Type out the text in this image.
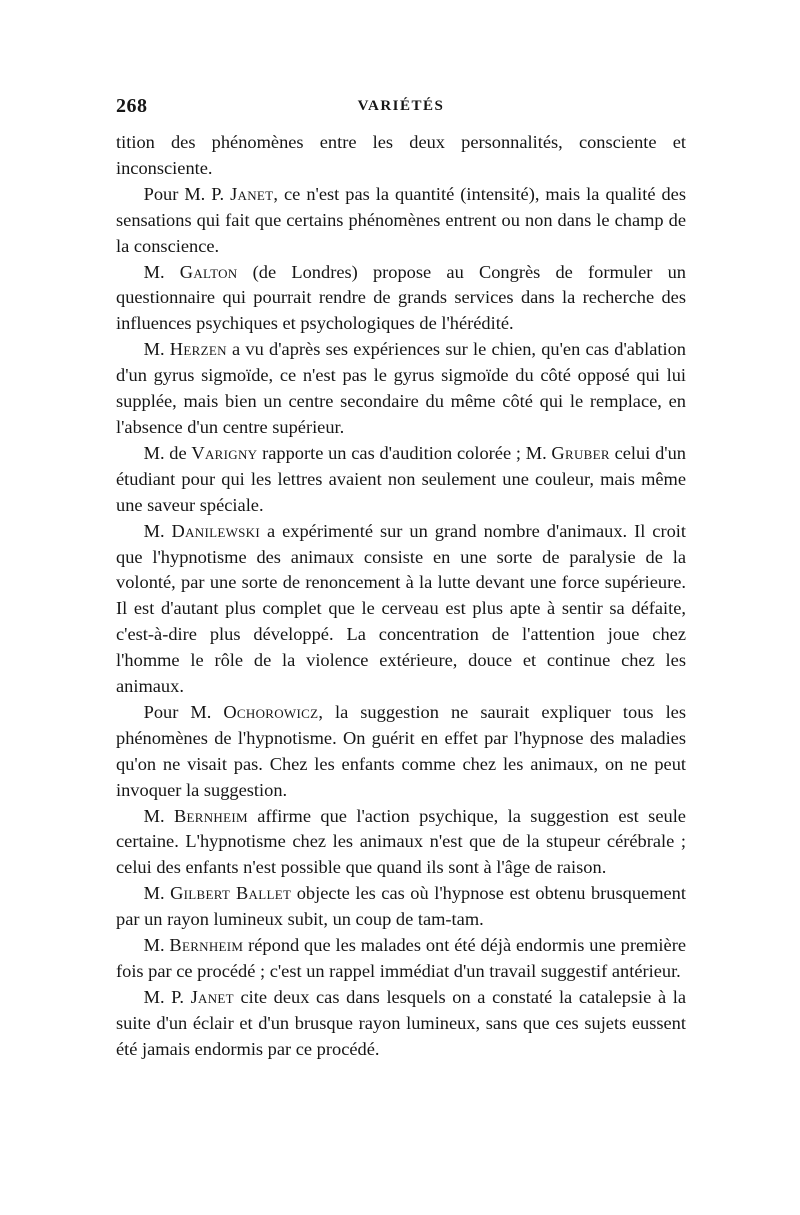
268	VARIÉTÉS

tition des phénomènes entre les deux personnalités, consciente et inconsciente.

Pour M. P. Janet, ce n'est pas la quantité (intensité), mais la qualité des sensations qui fait que certains phénomènes entrent ou non dans le champ de la conscience.

M. Galton (de Londres) propose au Congrès de formuler un questionnaire qui pourrait rendre de grands services dans la recherche des influences psychiques et psychologiques de l'hérédité.

M. Herzen a vu d'après ses expériences sur le chien, qu'en cas d'ablation d'un gyrus sigmoïde, ce n'est pas le gyrus sigmoïde du côté opposé qui lui supplée, mais bien un centre secondaire du même côté qui le remplace, en l'absence d'un centre supérieur.

M. de Varigny rapporte un cas d'audition colorée ; M. Gruber celui d'un étudiant pour qui les lettres avaient non seulement une couleur, mais même une saveur spéciale.

M. Danilewski a expérimenté sur un grand nombre d'animaux. Il croit que l'hypnotisme des animaux consiste en une sorte de paralysie de la volonté, par une sorte de renoncement à la lutte devant une force supérieure. Il est d'autant plus complet que le cerveau est plus apte à sentir sa défaite, c'est-à-dire plus développé. La concentration de l'attention joue chez l'homme le rôle de la violence extérieure, douce et continue chez les animaux.

Pour M. Ochorowicz, la suggestion ne saurait expliquer tous les phénomènes de l'hypnotisme. On guérit en effet par l'hypnose des maladies qu'on ne visait pas. Chez les enfants comme chez les animaux, on ne peut invoquer la suggestion.

M. Bernheim affirme que l'action psychique, la suggestion est seule certaine. L'hypnotisme chez les animaux n'est que de la stupeur cérébrale ; celui des enfants n'est possible que quand ils sont à l'âge de raison.

M. Gilbert Ballet objecte les cas où l'hypnose est obtenu brusquement par un rayon lumineux subit, un coup de tam-tam.

M. Bernheim répond que les malades ont été déjà endormis une première fois par ce procédé ; c'est un rappel immédiat d'un travail suggestif antérieur.

M. P. Janet cite deux cas dans lesquels on a constaté la catalepsie à la suite d'un éclair et d'un brusque rayon lumineux, sans que ces sujets eussent été jamais endormis par ce procédé.
